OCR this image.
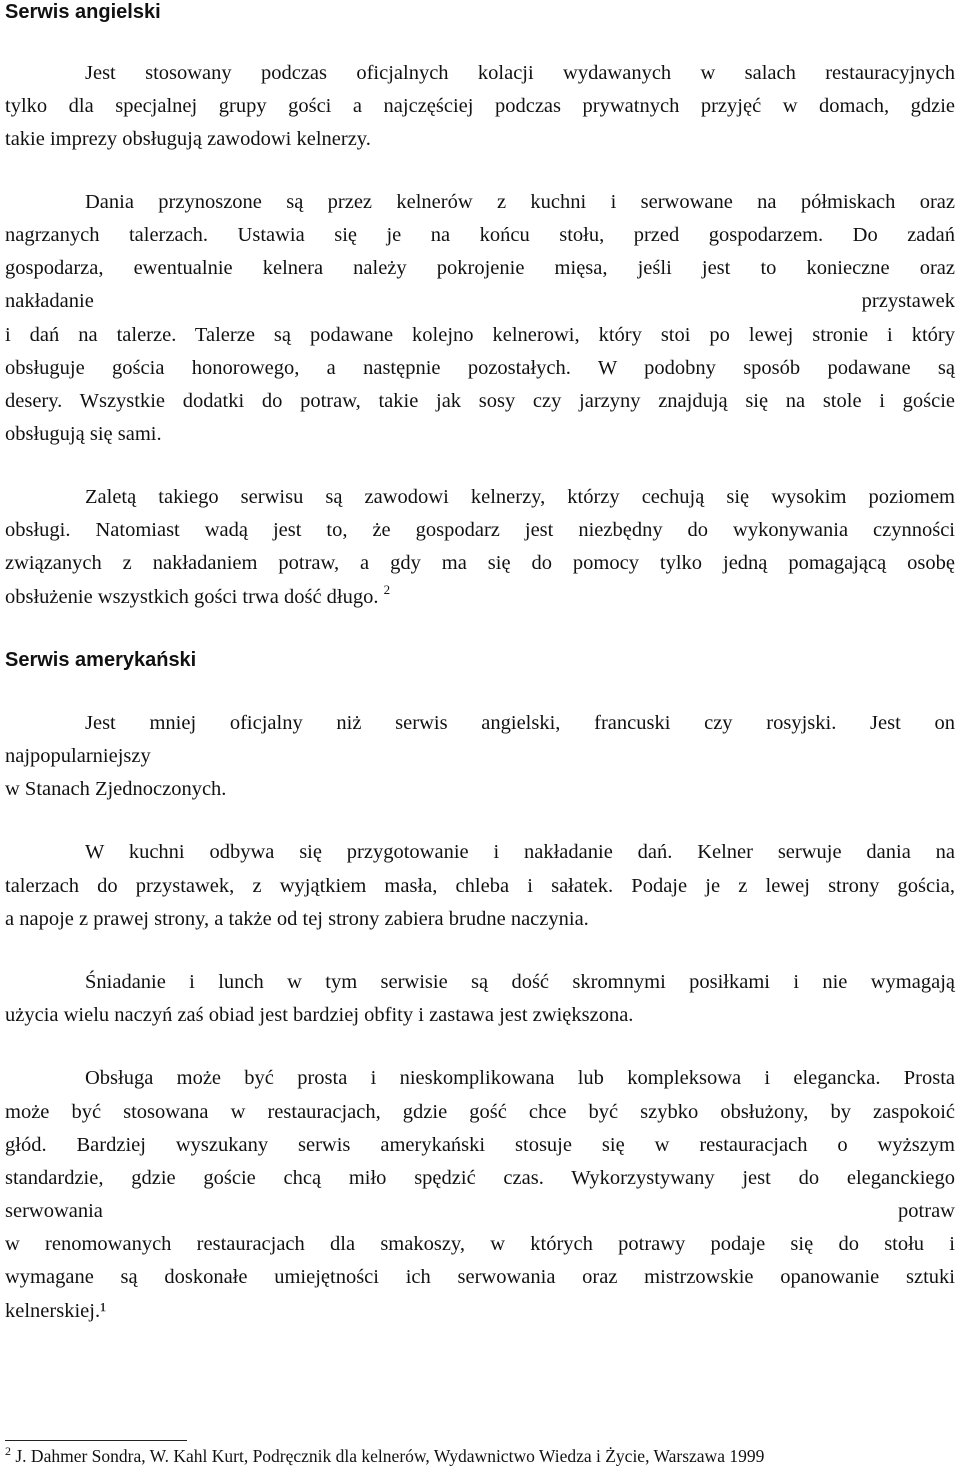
Serwis angielski
Jest stosowany podczas oficjalnych kolacji wydawanych w salach restauracyjnych
tylko dla specjalnej grupy gości a najczęściej podczas prywatnych przyjęć w domach, gdzie
takie imprezy obsługują zawodowi kelnerzy.
Dania przynoszone są przez kelnerów z kuchni i serwowane na półmiskach oraz
nagrzanych talerzach. Ustawia się je na końcu stołu, przed gospodarzem. Do zadań
gospodarza, ewentualnie kelnera należy pokrojenie mięsa, jeśli jest to konieczne oraz
nakładanie przystawek
i dań na talerze. Talerze są podawane kolejno kelnerowi, który stoi po lewej stronie i który
obsługuje gościa honorowego, a następnie pozostałych. W podobny sposób podawane są
desery. Wszystkie dodatki do potraw, takie jak sosy czy jarzyny znajdują się na stole i goście
obsługują się sami.
Zaletą takiego serwisu są zawodowi kelnerzy, którzy cechują się wysokim poziomem
obsługi. Natomiast wadą jest to, że gospodarz jest niezbędny do wykonywania czynności
związanych z nakładaniem potraw, a gdy ma się do pomocy tylko jedną pomagającą osobę
obsłużenie wszystkich gości trwa dość długo. $^2$
Serwis amerykański
Jest mniej oficjalny niż serwis angielski, francuski czy rosyjski. Jest on
najpopularniejszy
w Stanach Zjednoczonych.
W kuchni odbywa się przygotowanie i nakładanie dań. Kelner serwuje dania na
talerzach do przystawek, z wyjątkiem masła, chleba i sałatek. Podaje je z lewej strony gościa,
a napoje z prawej strony, a także od tej strony zabiera brudne naczynia.
Śniadanie i lunch w tym serwisie są dość skromnymi posiłkami i nie wymagają
użycia wielu naczyń zaś obiad jest bardziej obfity i zastawa jest zwiększona.
Obsługa może być prosta i nieskomplikowana lub kompleksowa i elegancka. Prosta
może być stosowana w restauracjach, gdzie gość chce być szybko obsłużony, by zaspokoić
głód. Bardziej wyszukany serwis amerykański stosuje się w restauracjach o wyższym
standardzie, gdzie goście chcą miło spędzić czas. Wykorzystywany jest do eleganckiego
serwowania potraw
w renomowanych restauracjach dla smakoszy, w których potrawy podaje się do stołu i
wymagane są doskonałe umiejętności ich serwowania oraz mistrzowskie opanowanie sztuki
kelnerskiej.¹
$^2$ J. Dahmer Sondra, W. Kahl Kurt, Podręcznik dla kelnerów, Wydawnictwo Wiedza i Życie, Warszawa 1999
